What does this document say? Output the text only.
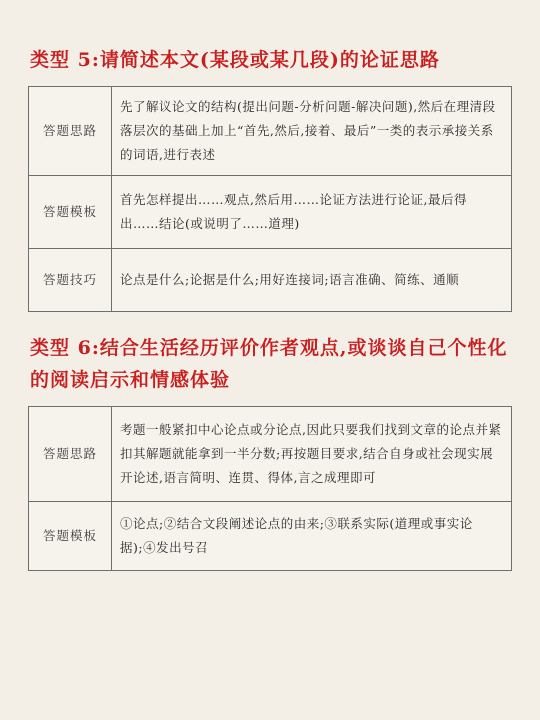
类型 5:请简述本文(某段或某几段)的论证思路
答题思路	先了解议论文的结构(提出问题-分析问题-解决问题),然后在理清段落层次的基础上加上“首先,然后,接着、最后”一类的表示承接关系的词语,进行表述
答题模板	首先怎样提出……观点,然后用……论证方法进行论证,最后得出……结论(或说明了……道理)
答题技巧	论点是什么;论据是什么;用好连接词;语言准确、简练、通顺
类型 6:结合生活经历评价作者观点,或谈谈自己个性化的阅读启示和情感体验
答题思路	考题一般紧扣中心论点或分论点,因此只要我们找到文章的论点并紧扣其解题就能拿到一半分数;再按题目要求,结合自身或社会现实展开论述,语言简明、连贯、得体,言之成理即可
答题模板	①论点;②结合文段阐述论点的由来;③联系实际(道理或事实论据);④发出号召
